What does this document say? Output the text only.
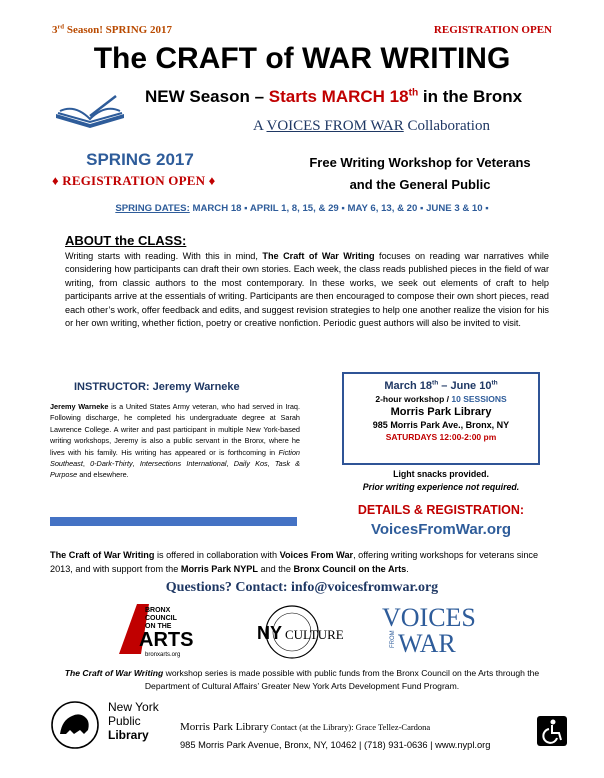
3rd Season! SPRING 2017	REGISTRATION OPEN
The CRAFT of WAR WRITING
NEW Season – Starts MARCH 18th in the Bronx
A VOICES FROM WAR Collaboration
SPRING 2017
♦ REGISTRATION OPEN ♦
Free Writing Workshop for Veterans
and the General Public
SPRING DATES: MARCH 18 ▪ APRIL 1, 8, 15, & 29 ▪ MAY 6, 13, & 20 ▪ JUNE 3 & 10 ▪
ABOUT the CLASS:
Writing starts with reading. With this in mind, The Craft of War Writing focuses on reading war narratives while considering how participants can draft their own stories. Each week, the class reads published pieces in the field of war writing, from classic authors to the most contemporary. In these works, we seek out elements of craft to help participants arrive at the essentials of writing. Participants are then encouraged to compose their own short pieces, read each other’s work, offer feedback and edits, and suggest revision strategies to help one another realize the vision for his or her own writing, whether fiction, poetry or creative nonfiction. Periodic guest authors will also be invited to visit.
INSTRUCTOR: Jeremy Warneke
Jeremy Warneke is a United States Army veteran, who had served in Iraq. Following discharge, he completed his undergraduate degree at Sarah Lawrence College. A writer and past participant in multiple New York-based writing workshops, Jeremy is also a public servant in the Bronx, where he lives with his family. His writing has appeared or is forthcoming in Fiction Southeast, 0-Dark-Thirty, Intersections International, Daily Kos, Task & Purpose and elsewhere.
March 18th – June 10th
2-hour workshop / 10 SESSIONS
Morris Park Library
985 Morris Park Ave., Bronx, NY
SATURDAYS 12:00-2:00 pm
Light snacks provided.
Prior writing experience not required.
DETAILS & REGISTRATION:
VoicesFromWar.org
The Craft of War Writing is offered in collaboration with Voices From War, offering writing workshops for veterans since 2013, and with support from the Morris Park NYPL and the Bronx Council on the Arts.
Questions? Contact: info@voicesfromwar.org
BRONX
COUNCIL
ON THE
ARTS
bronxarts.org
NY CULTURE
VOICES
WAR
FROM
The Craft of War Writing workshop series is made possible with public funds from the Bronx Council on the Arts through the Department of Cultural Affairs’ Greater New York Arts Development Fund Program.
New York
Public
Library
Morris Park Library Contact (at the Library): Grace Tellez-Cardona
985 Morris Park Avenue, Bronx, NY, 10462 | (718) 931-0636 | www.nypl.org
